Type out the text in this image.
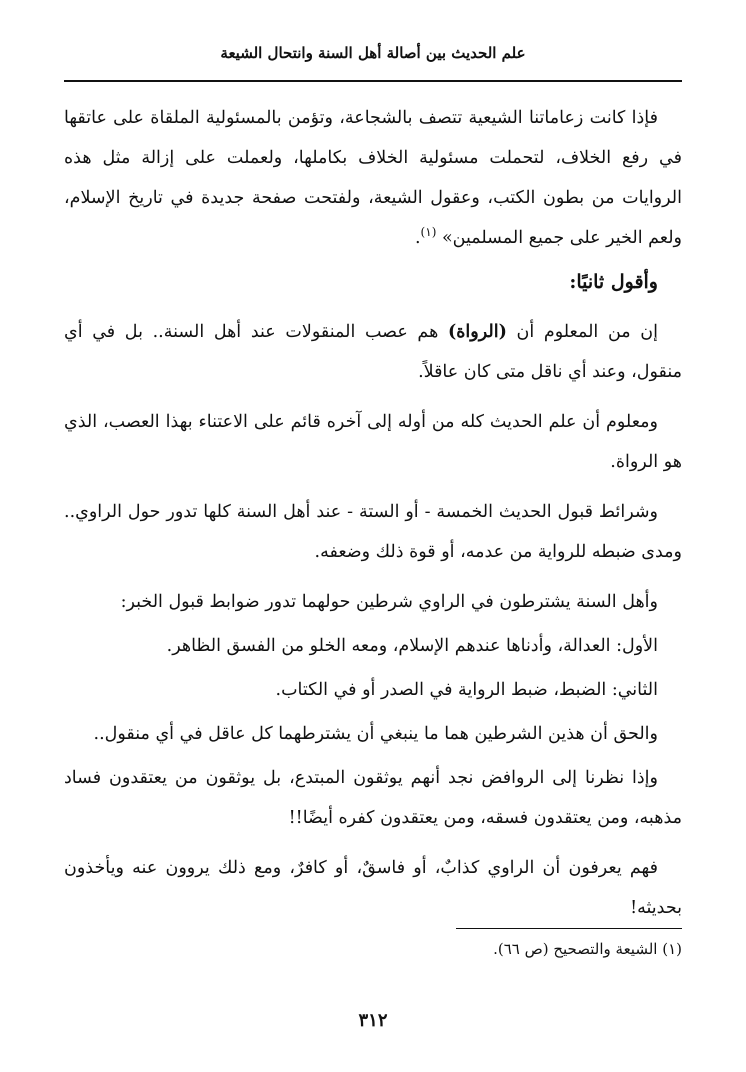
علم الحديث بين أصالة أهل السنة وانتحال الشيعة

فإذا كانت زعاماتنا الشيعية تتصف بالشجاعة، وتؤمن بالمسئولية الملقاة على عاتقها في رفع الخلاف، لتحملت مسئولية الخلاف بكاملها، ولعملت على إزالة مثل هذه الروايات من بطون الكتب، وعقول الشيعة، ولفتحت صفحة جديدة في تاريخ الإسلام، ولعم الخير على جميع المسلمين» $^{(١)}$.

وأقول ثانيًا:

إن من المعلوم أن (الرواة) هم عصب المنقولات عند أهل السنة.. بل في أي منقول، وعند أي ناقل متى كان عاقلاً.

ومعلوم أن علم الحديث كله من أوله إلى آخره قائم على الاعتناء بهذا العصب، الذي هو الرواة.

وشرائط قبول الحديث الخمسة - أو الستة - عند أهل السنة كلها تدور حول الراوي.. ومدى ضبطه للرواية من عدمه، أو قوة ذلك وضعفه.

وأهل السنة يشترطون في الراوي شرطين حولهما تدور ضوابط قبول الخبر:

الأول: العدالة، وأدناها عندهم الإسلام، ومعه الخلو من الفسق الظاهر.

الثاني: الضبط، ضبط الرواية في الصدر أو في الكتاب.

والحق أن هذين الشرطين هما ما ينبغي أن يشترطهما كل عاقل في أي منقول..

وإذا نظرنا إلى الروافض نجد أنهم يوثقون المبتدع، بل يوثقون من يعتقدون فساد مذهبه، ومن يعتقدون فسقه، ومن يعتقدون كفره أيضًا!!

فهم يعرفون أن الراوي كذابٌ، أو فاسقٌ، أو كافرٌ، ومع ذلك يروون عنه ويأخذون بحديثه!

(١) الشيعة والتصحيح (ص ٦٦).
٣١٢
